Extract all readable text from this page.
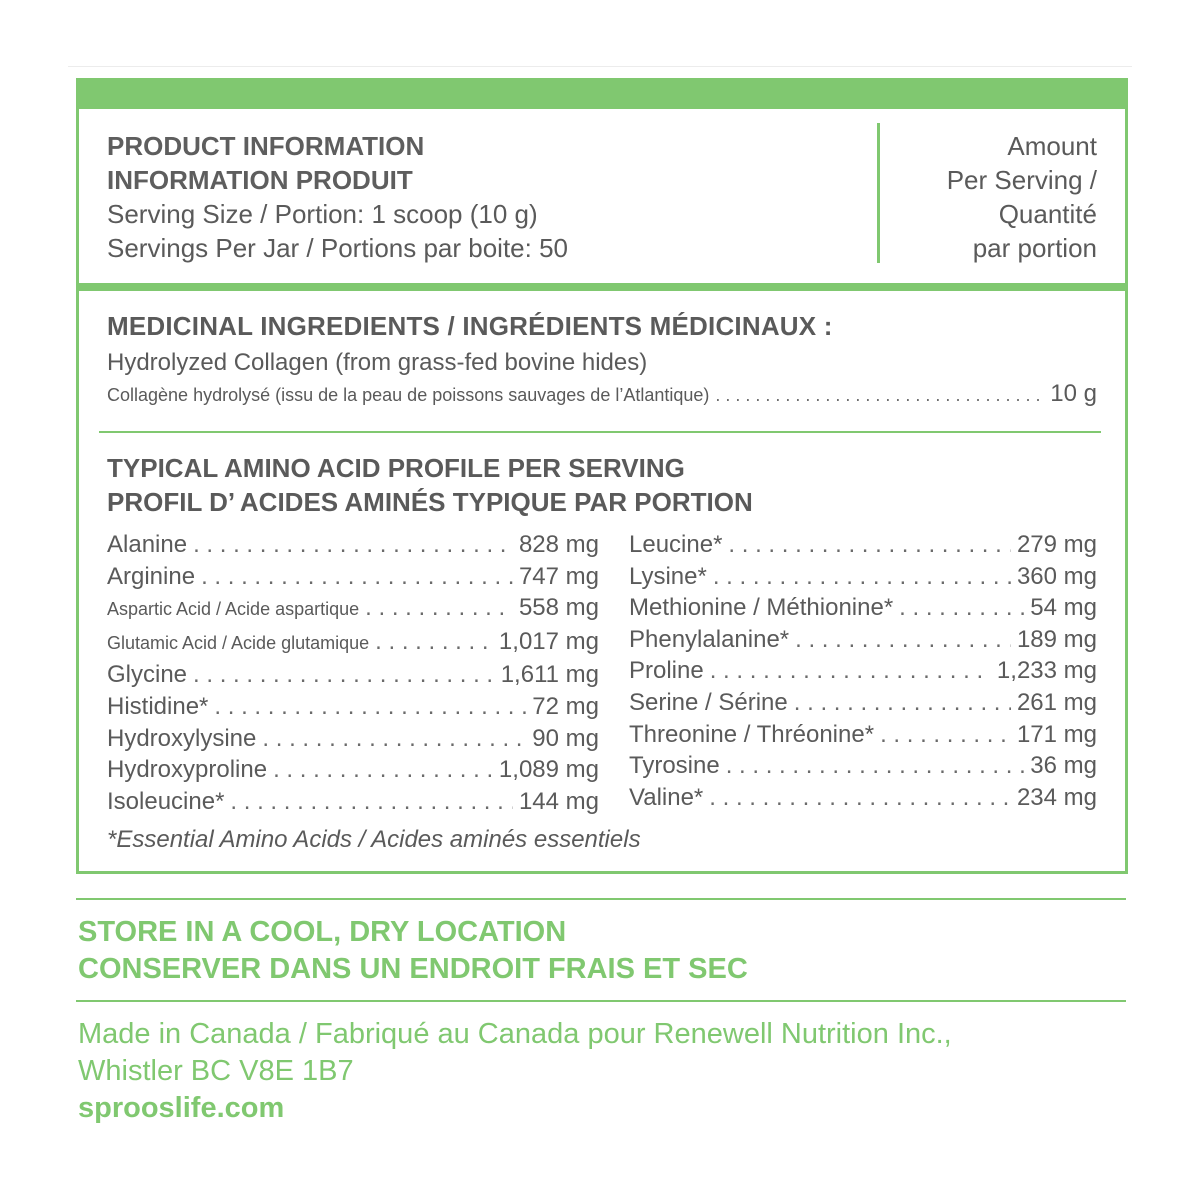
PRODUCT INFORMATION
INFORMATION PRODUIT
Serving Size / Portion: 1 scoop (10 g)
Servings Per Jar / Portions par boite: 50
Amount
Per Serving /
Quantité
par portion
MEDICINAL INGREDIENTS / INGRÉDIENTS MÉDICINAUX :
Hydrolyzed Collagen (from grass-fed bovine hides)
Collagène hydrolysé (issu de la peau de poissons sauvages de l’Atlantique) . . .	10 g
TYPICAL AMINO ACID PROFILE PER SERVING
PROFIL D’ ACIDES AMINÉS TYPIQUE PAR PORTION
Alanine . . .	828 mg
Arginine . . .	747 mg
Aspartic Acid / Acide aspartique . . .	558 mg
Glutamic Acid / Acide glutamique . . .	1,017 mg
Glycine . . .	1,611 mg
Histidine* . . .	72 mg
Hydroxylysine . . .	90 mg
Hydroxyproline . . .	1,089 mg
Isoleucine* . . .	144 mg
Leucine* . . .	279 mg
Lysine* . . .	360 mg
Methionine / Méthionine* . . .	54 mg
Phenylalanine* . . .	189 mg
Proline . . .	1,233 mg
Serine / Sérine . . .	261 mg
Threonine / Thréonine* . . .	171 mg
Tyrosine . . .	36 mg
Valine* . . .	234 mg
*Essential Amino Acids / Acides aminés essentiels
STORE IN A COOL, DRY LOCATION
CONSERVER DANS UN ENDROIT FRAIS ET SEC
Made in Canada / Fabriqué au Canada pour Renewell Nutrition Inc.,
Whistler BC V8E 1B7
sprooslife.com
